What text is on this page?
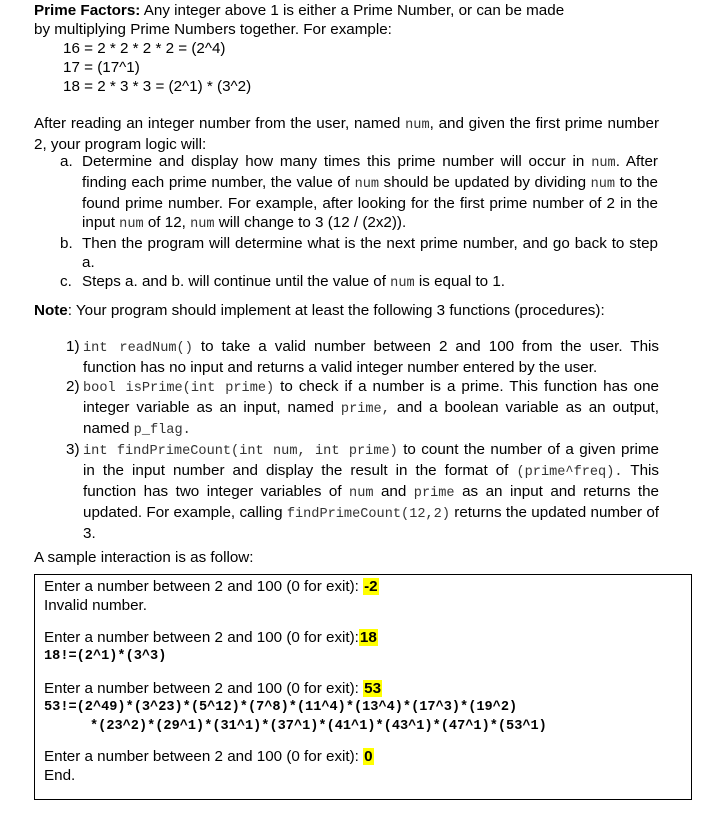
Prime Factors: Any integer above 1 is either a Prime Number, or can be made
by multiplying Prime Numbers together. For example:
16 = 2 * 2 * 2 * 2 = (2^4)
17 = (17^1)
18 = 2 * 3 * 3 = (2^1) * (3^2)
After reading an integer number from the user, named num, and given the first prime number 2, your program logic will:
a. Determine and display how many times this prime number will occur in num. After finding each prime number, the value of num should be updated by dividing num to the found prime number. For example, after looking for the first prime number of 2 in the input num of 12, num will change to 3 (12 / (2x2)).
b. Then the program will determine what is the next prime number, and go back to step a.
c. Steps a. and b. will continue until the value of num is equal to 1.
Note: Your program should implement at least the following 3 functions (procedures):
1) int readNum() to take a valid number between 2 and 100 from the user. This function has no input and returns a valid integer number entered by the user.
2) bool isPrime(int prime) to check if a number is a prime. This function has one integer variable as an input, named prime, and a boolean variable as an output, named p_flag.
3) int findPrimeCount(int num, int prime) to count the number of a given prime in the input number and display the result in the format of (prime^freq). This function has two integer variables of num and prime as an input and returns the updated. For example, calling findPrimeCount(12,2) returns the updated number of 3.
A sample interaction is as follow:
Enter a number between 2 and 100 (0 for exit): -2
Invalid number.
Enter a number between 2 and 100 (0 for exit):18
18!=(2^1)*(3^3)
Enter a number between 2 and 100 (0 for exit): 53
53!=(2^49)*(3^23)*(5^12)*(7^8)*(11^4)*(13^4)*(17^3)*(19^2)
*(23^2)*(29^1)*(31^1)*(37^1)*(41^1)*(43^1)*(47^1)*(53^1)
Enter a number between 2 and 100 (0 for exit): 0
End.
